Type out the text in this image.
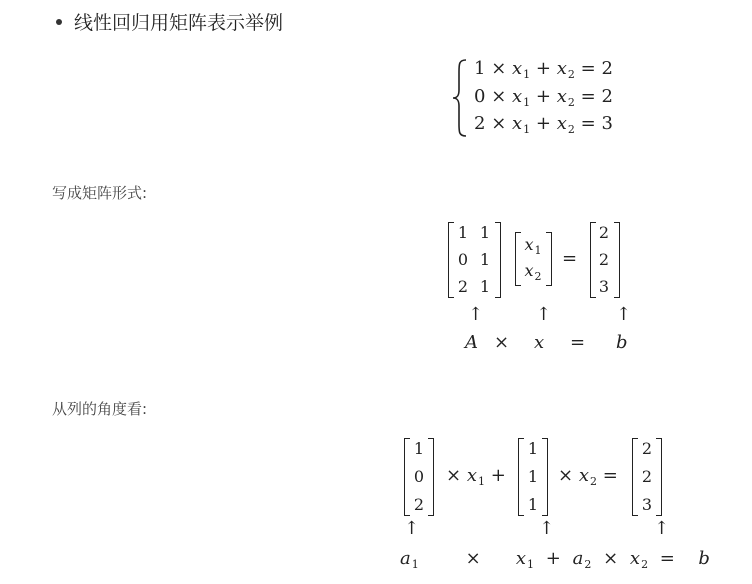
线性回归用矩阵表示举例
$1 \times x_1 + x_2 = 2$
$0 \times x_1 + x_2 = 2$
$2 \times x_1 + x_2 = 3$
写成矩阵形式:
1 1
0 1
2 1
$x_1$
$x_2$
=
2
2
3
↑	↑	↑
A × x = b
从列的角度看:
1
0
2
× $x_1$ +
1
1
1
× $x_2$ =
2
2
3
↑	↑	↑
$a_1$	× $x_1 + a_2 \times x_2 = b$
